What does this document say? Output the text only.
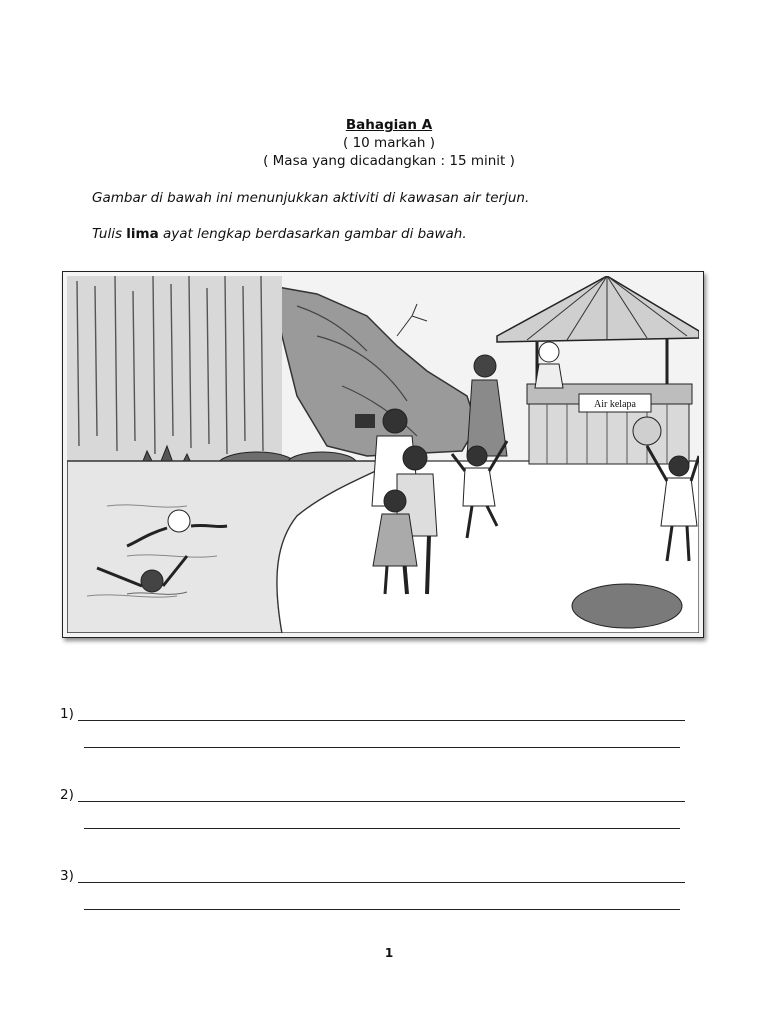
Bahagian A
( 10 markah )
( Masa yang dicadangkan : 15 minit )
Gambar di bawah ini menunjukkan aktiviti di kawasan air terjun.
Tulis lima ayat lengkap berdasarkan gambar di bawah.
Air kelapa
1)
2)
3)
1
